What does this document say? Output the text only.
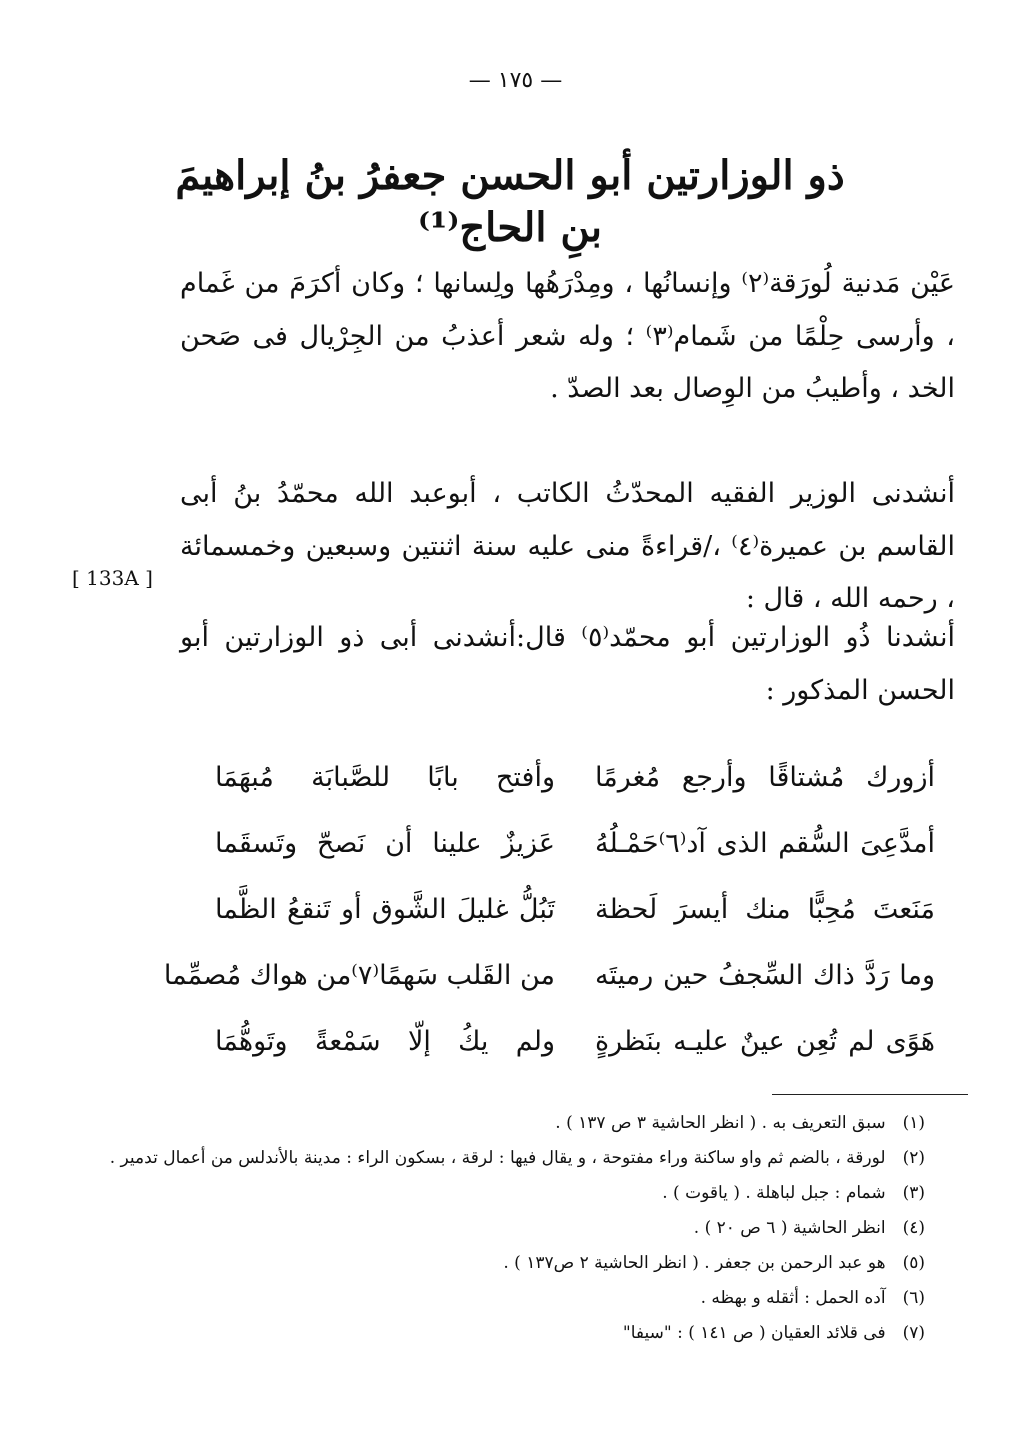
— ١٧٥ —
ذو الوزارتين أبو الحسن جعفرُ بنُ إبراهيمَ بنِ الحاج⁽¹⁾
عَيْن مَدنية لُورَقة⁽٢⁾ وإنسانُها ، ومِدْرَهُها ولِسانها ؛ وكان أكرَمَ من غَمام ، وأرسى حِلْمًا من شَمام⁽٣⁾ ؛ وله شعر أعذبُ من الجِرْيال فى صَحن الخد ، وأطيبُ من الوِصال بعد الصدّ .
أنشدنى الوزير الفقيه المحدّثُ الكاتب ، أبوعبد الله محمّدُ بنُ أبى القاسم بن عميرة⁽٤⁾ ،/قراءةً منى عليه سنة اثنتين وسبعين وخمسمائة ، رحمه الله ، قال :
أنشدنا ذُو الوزارتين أبو محمّد⁽٥⁾ قال:أنشدنى أبى ذو الوزارتين أبو الحسن المذكور :
[ 133A ]
أزورك مُشتاقًا وأرجع مُغرمًا
وأفتح بابًا للصَّبابَة مُبهَمَا
أمدَّعِىَ السُّقم الذى آد⁽٦⁾حَمْـلُهُ
عَزيزٌ علينا أن نَصحّ وتَسقَما
مَنَعتَ مُحِبًّا منك أيسرَ لَحظة
تَبُلُّ غليلَ الشَّوق أو تَنقعُ الظَّما
وما رَدَّ ذاك السِّجفُ حين رميتَه
من القَلب سَهمًا⁽٧⁾من هواك مُصمِّما
هَوًى لم تُعِن عينٌ عليـه بنَظرةٍ
ولم يكُ إلّا سَمْعةً وتَوهُّمَا
(١) سبق التعريف به . ( انظر الحاشية ٣ ص ١٣٧ ) .
(٢) لورقة ، بالضم ثم واو ساكنة وراء مفتوحة ، و يقال فيها : لرقة ، بسكون الراء : مدينة بالأندلس من أعمال تدمير .
(٣) شمام : جبل لباهلة . ( ياقوت ) .
(٤) انظر الحاشية ( ٦ ص ٢٠ ) .
(٥) هو عبد الرحمن بن جعفر . ( انظر الحاشية ٢ ص١٣٧ ) .
(٦) آده الحمل : أثقله و بهظه .
(٧) فى قلائد العقيان ( ص ١٤١ ) : "سيفا"
